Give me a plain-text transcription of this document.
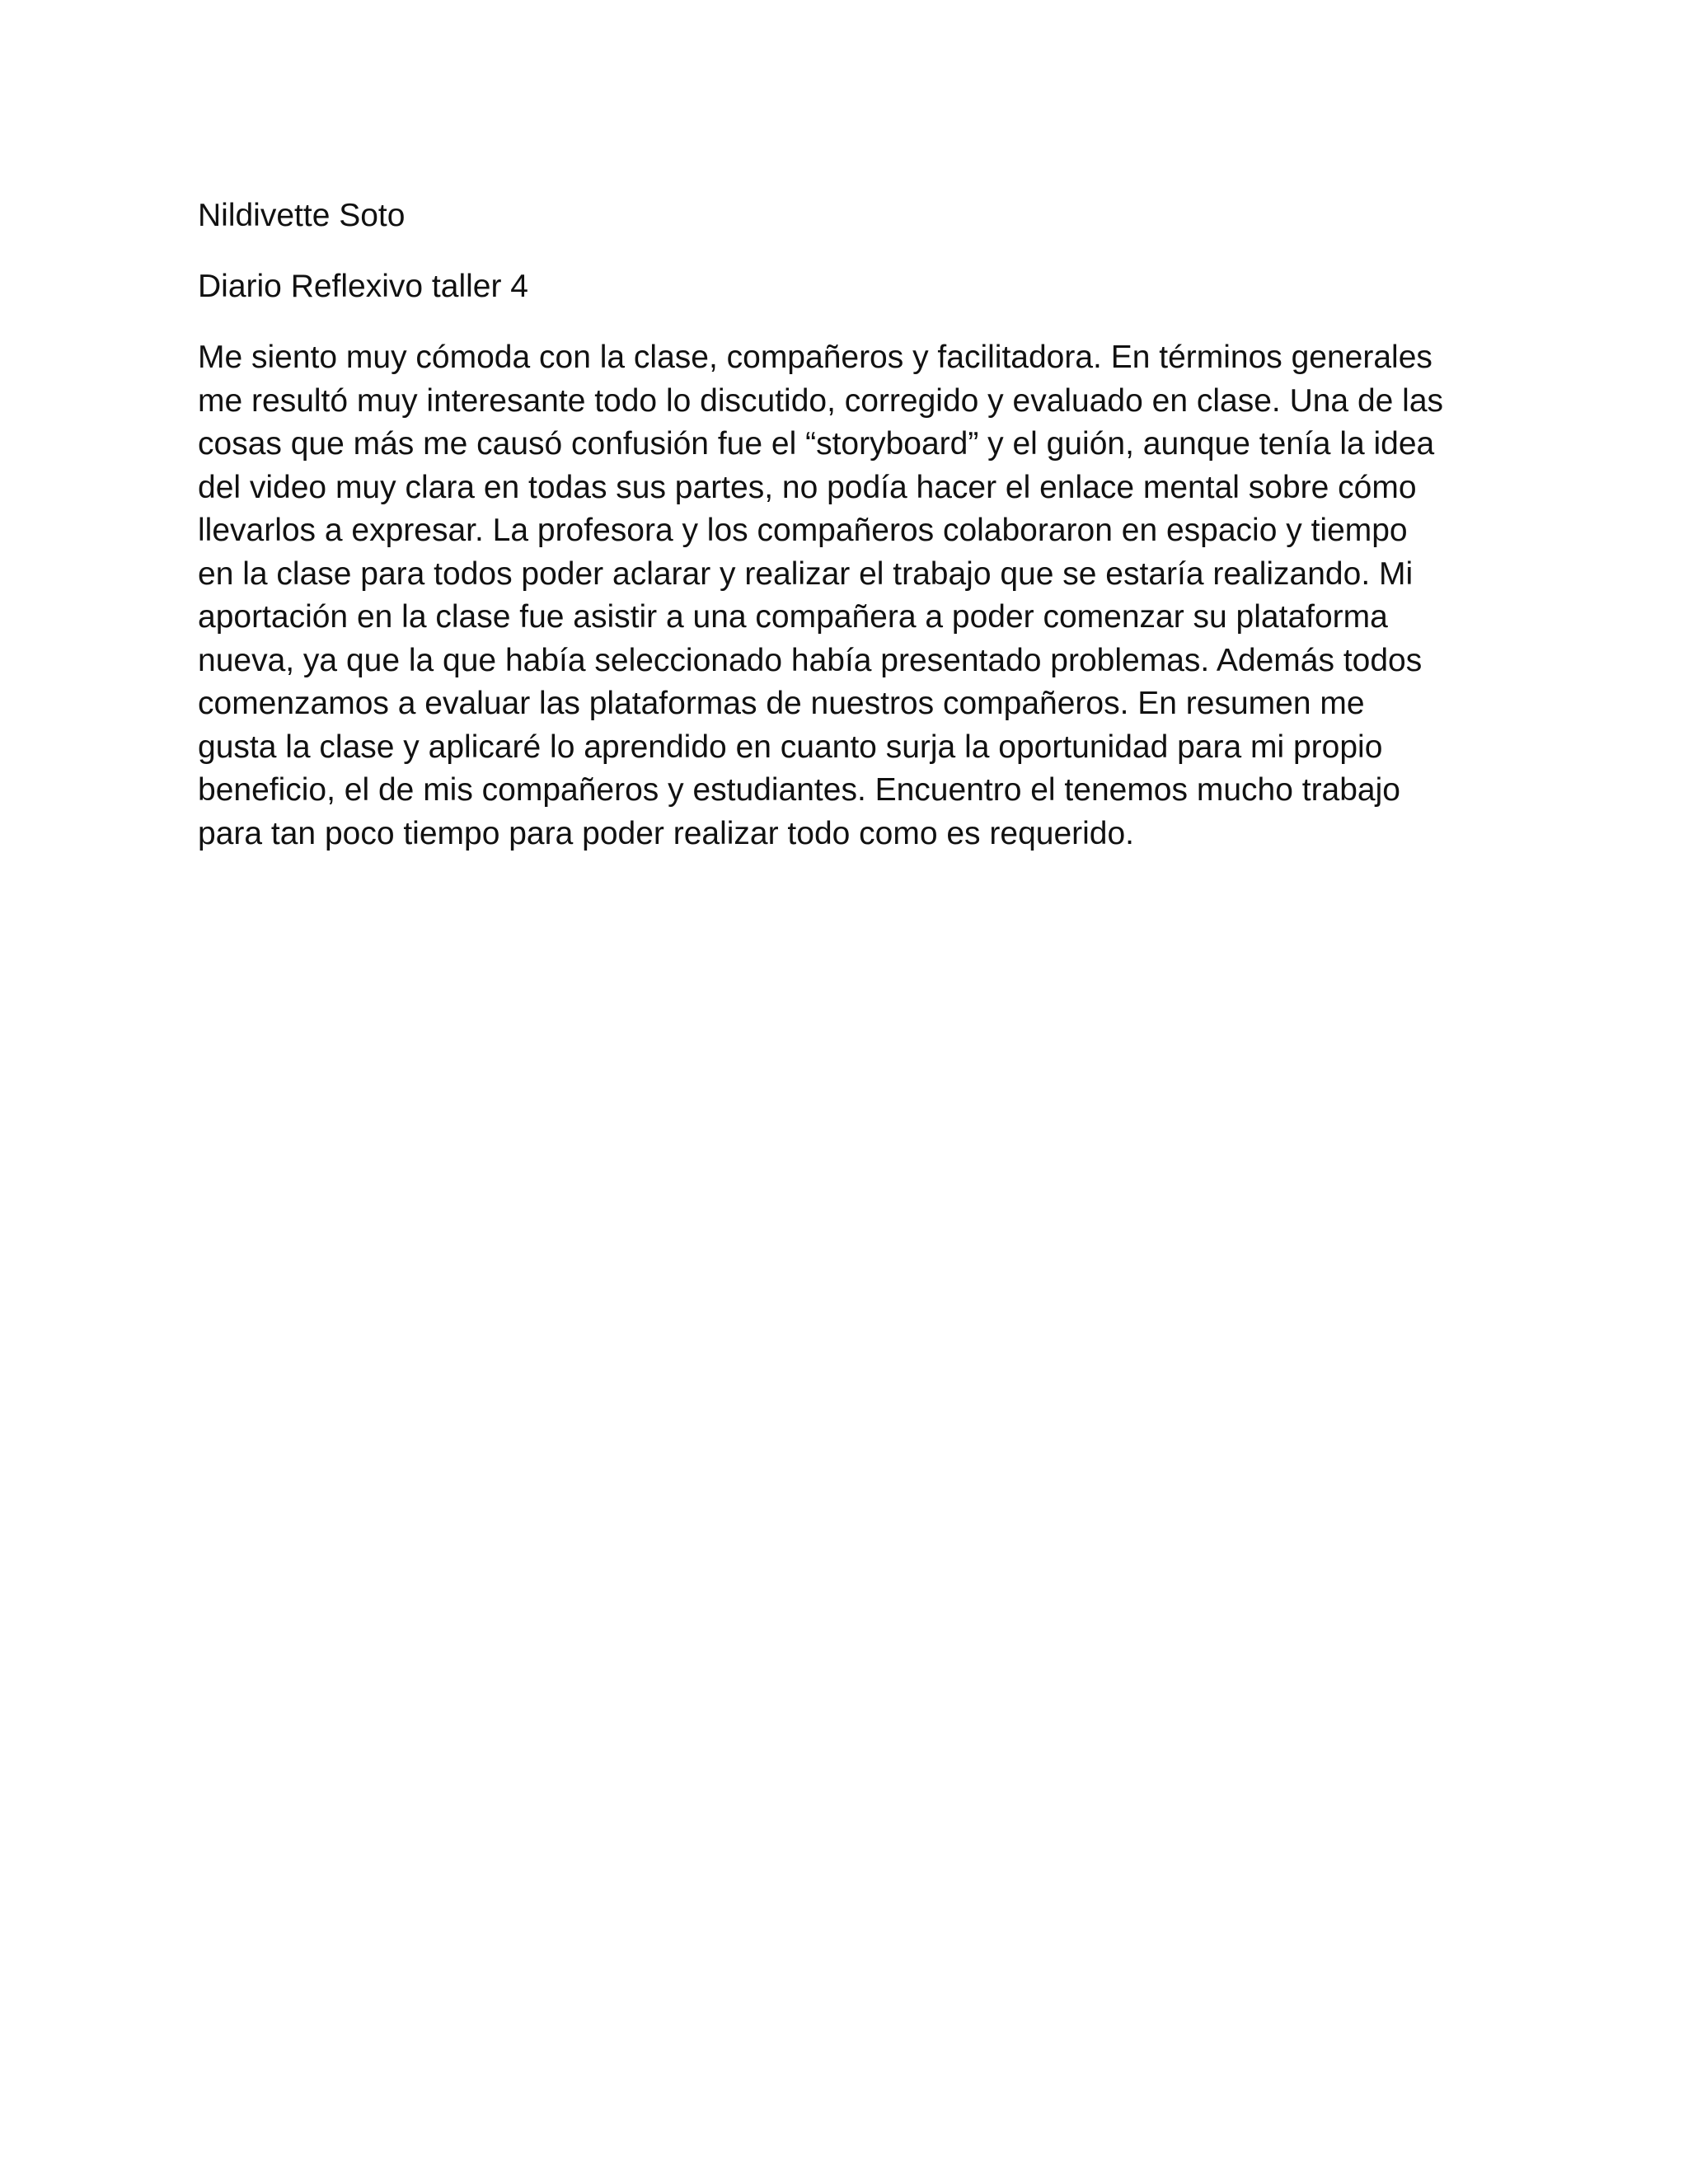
Nildivette Soto

Diario Reflexivo taller 4

Me siento muy cómoda con la clase, compañeros y facilitadora. En términos generales
me resultó muy interesante todo lo discutido, corregido y evaluado en clase. Una de las
cosas que más me causó confusión fue el “storyboard” y el guión, aunque tenía la idea
del video muy clara en todas sus partes, no podía hacer el enlace mental sobre cómo
llevarlos a expresar. La profesora y los compañeros colaboraron en espacio y tiempo
en la clase para todos poder aclarar y realizar el trabajo que se estaría realizando. Mi
aportación en la clase fue asistir a una compañera a poder comenzar su plataforma
nueva, ya que la que había seleccionado había presentado problemas. Además todos
comenzamos a evaluar las plataformas de nuestros compañeros. En resumen me
gusta la clase y aplicaré lo aprendido en cuanto surja la oportunidad para mi propio
beneficio, el de mis compañeros y estudiantes. Encuentro el tenemos mucho trabajo
para tan poco tiempo para poder realizar todo como es requerido.
